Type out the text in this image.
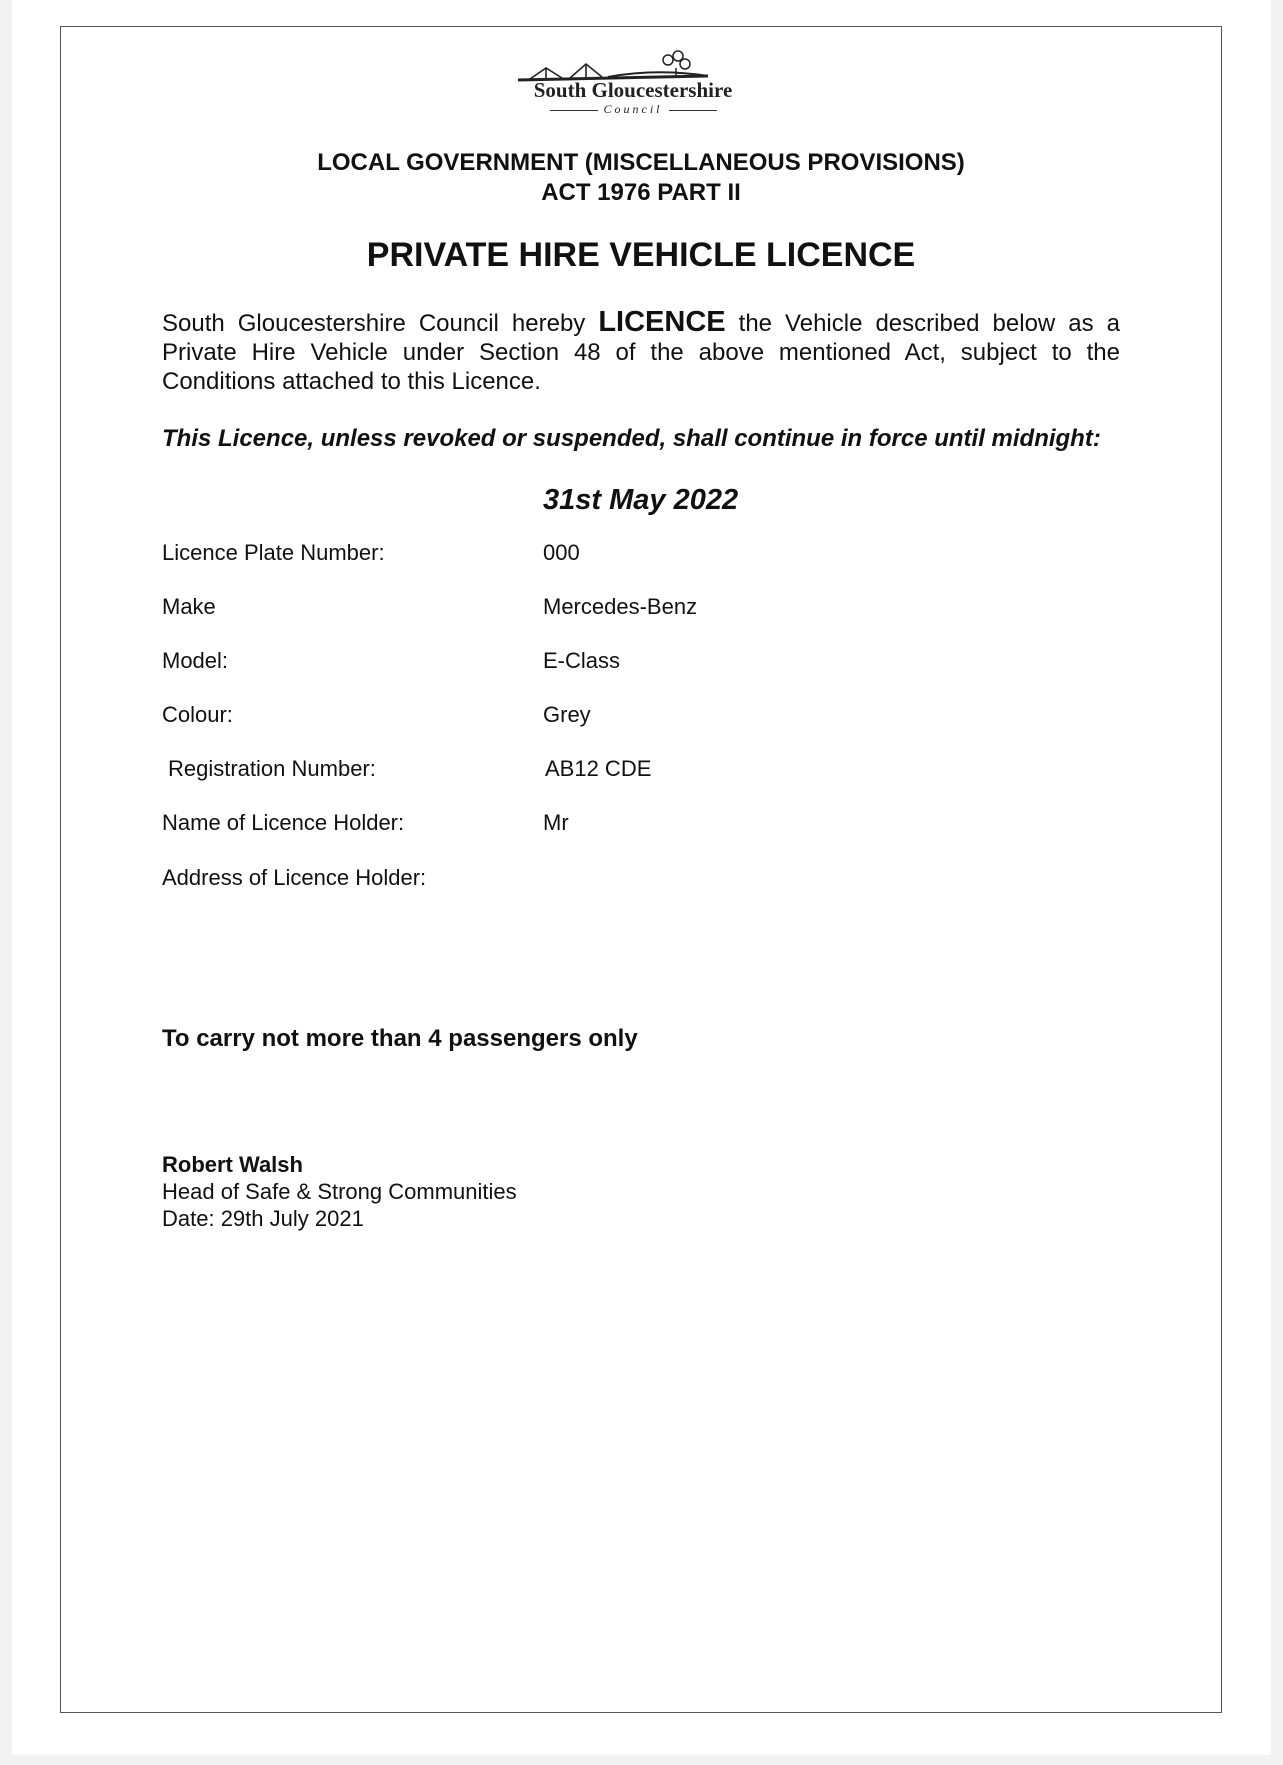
South Gloucestershire
Council
LOCAL GOVERNMENT (MISCELLANEOUS PROVISIONS)
ACT 1976 PART II
PRIVATE HIRE VEHICLE LICENCE
South Gloucestershire Council hereby LICENCE the Vehicle described below as a Private Hire Vehicle under Section 48 of the above mentioned Act, subject to the Conditions attached to this Licence.
This Licence, unless revoked or suspended, shall continue in force until midnight:
31st May 2022
Licence Plate Number:	000
Make	Mercedes-Benz
Model:	E-Class
Colour:	Grey
Registration Number:	AB12 CDE
Name of Licence Holder:	Mr
Address of Licence Holder:
To carry not more than 4 passengers only
Robert Walsh
Head of Safe & Strong Communities
Date: 29th July 2021
